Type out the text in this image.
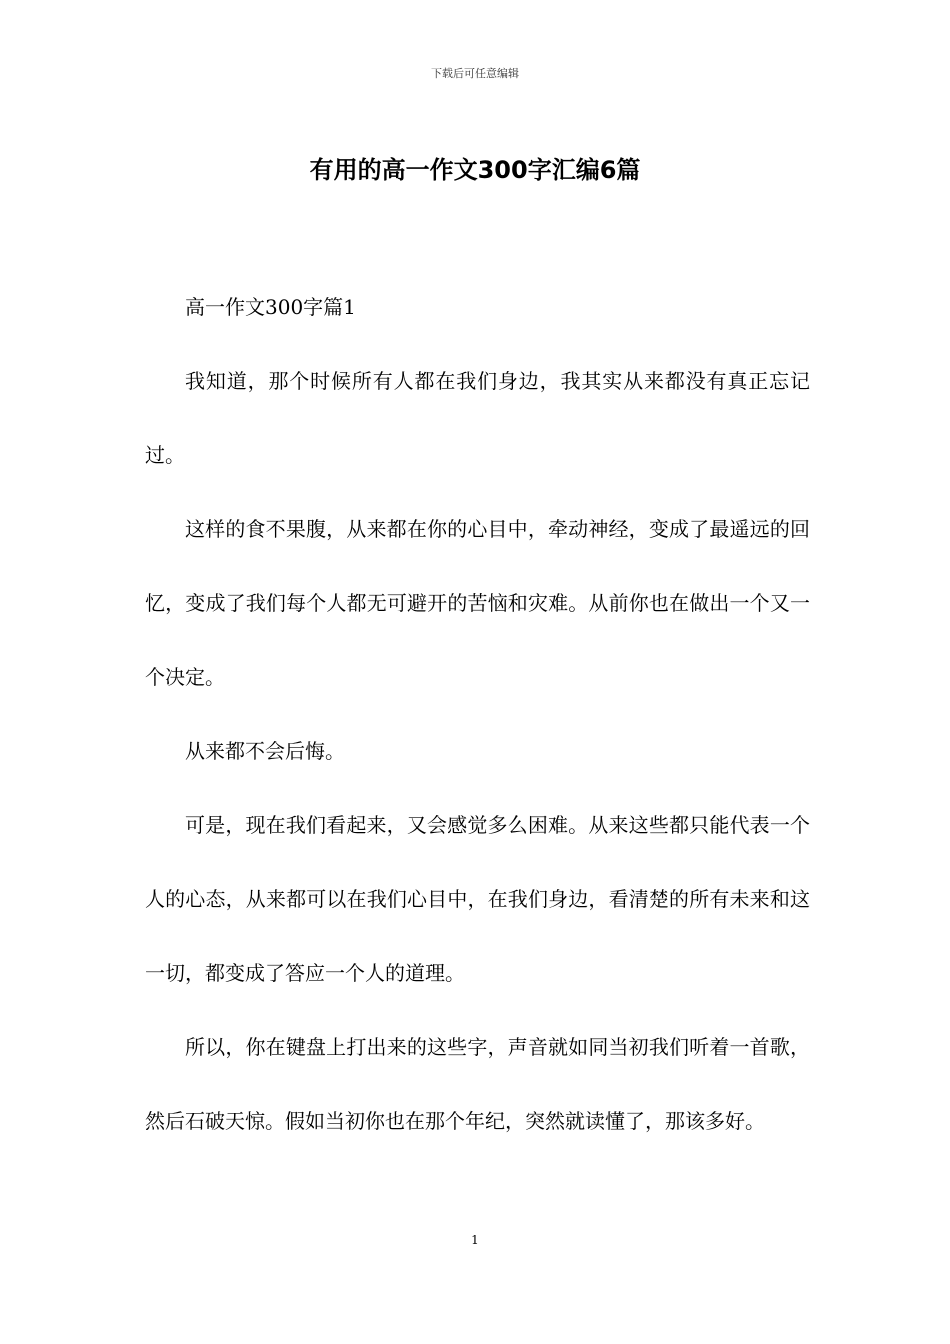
下载后可任意编辑
有用的高一作文300字汇编6篇

高一作文300字篇1

我知道，那个时候所有人都在我们身边，我其实从来都没有真正忘记过。

这样的食不果腹，从来都在你的心目中，牵动神经，变成了最遥远的回忆，变成了我们每个人都无可避开的苦恼和灾难。从前你也在做出一个又一个决定。

从来都不会后悔。

可是，现在我们看起来，又会感觉多么困难。从来这些都只能代表一个人的心态，从来都可以在我们心目中，在我们身边，看清楚的所有未来和这一切，都变成了答应一个人的道理。

所以，你在键盘上打出来的这些字，声音就如同当初我们听着一首歌，然后石破天惊。假如当初你也在那个年纪，突然就读懂了，那该多好。

1
